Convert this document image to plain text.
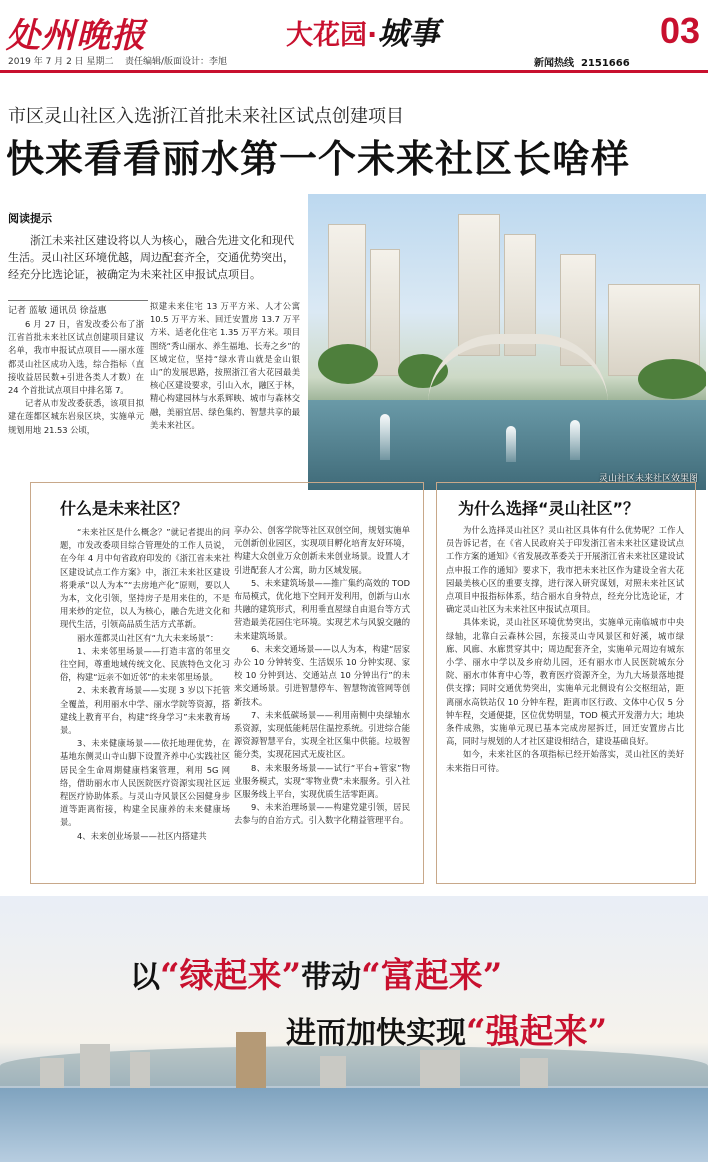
处州晚报	大花园·城事	03
2019 年 7 月 2 日 星期二 责任编辑/版面设计：李旭	新闻热线 2151666
市区灵山社区入选浙江首批未来社区试点创建项目
快来看看丽水第一个未来社区长啥样
灵山社区未来社区效果图
阅读提示
浙江未来社区建设将以人为核心，融合先进文化和现代生活。灵山社区环境优越，周边配套齐全，交通优势突出，经充分比选论证，被确定为未来社区申报试点项目。
记者 蓝敏 通讯员 徐益惠

6 月 27 日，省发改委公布了浙江省首批未来社区试点创建项目建议名单，我市申报试点项目——丽水莲都灵山社区成功入选，综合指标（直接收益居民数+引进各类人才数）在 24 个首批试点项目中排名第 7。

记者从市发改委获悉，该项目拟建在莲都区城东岩泉区块，实施单元规划用地 21.53 公顷，

拟建未来住宅 13 万平方米、人才公寓 10.5 万平方米、回迁安置房 13.7 万平方米、适老化住宅 1.35 万平方米。项目围绕“秀山丽水、养生福地、长寿之乡”的区域定位，坚持“绿水青山就是金山银山”的发展思路，按照浙江省大花园最美核心区建设要求，引山入水，融区于林，精心构建园林与水系辉映、城市与森林交融，美丽宜居、绿色集约、智慧共享的最美未来社区。

什么是未来社区？	为什么选择“灵山社区”？

“未来社区是什么概念？”就记者提出的问题，市发改委项目综合管理处的工作人员说，在今年 4 月中旬省政府印发的《浙江省未来社区建设试点工作方案》中，浙江未来社区建设将秉承“以人为本”“去房地产化”原则，要以人为本，文化引领，坚持房子是用来住的，不是用来炒的定位，以人为核心，融合先进文化和现代生活，引领高品质生活方式革新。

丽水莲都灵山社区有“九大未来场景”：

1、未来邻里场景——打造丰富的邻里交往空间，尊重地域传统文化、民族特色文化习俗，构建“远亲不如近邻”的未来邻里场景。

2、未来教育场景——实现 3 岁以下托管全覆盖，利用丽水中学、丽水学院等资源，搭建线上教育平台，构建“终身学习”未来教育场景。

3、未来健康场景——依托地理优势，在基地东侧灵山寺山脚下设置齐养中心实践社区居民全生命周期健康档案管理，利用 5G 网络，借助丽水市人民医院医疗资源实现社区远程医疗协助体系。与灵山寺风景区公园健身步道等距离衔接，构建全民康养的未来健康场景。

4、未来创业场景——社区内搭建共

享办公、创客学院等社区双创空间，规划实施单元创新创业园区，实现项目孵化培育友好环境，构建大众创业万众创新未来创业场景。设置人才引进配套人才公寓，助力区域发展。

5、未来建筑场景——推广集约高效的 TOD 布局模式，优化地下空间开发利用，创新与山水共融的建筑形式，利用垂直屋绿自由退台等方式营造最美花园住宅环境。实现艺术与风貌交融的未来建筑场景。

6、未来交通场景——以人为本，构建“居家办公 10 分钟转变、生活娱乐 10 分钟实现、家校 10 分钟到达、交通站点 10 分钟出行”的未来交通场景。引进智慧停车、智慧物流管网等创新技术。

7、未来低碳场景——利用南侧中央绿轴水系资源，实现低能耗居住温控系统。引进综合能源资源智慧平台，实现全社区集中供能。垃圾智能分类，实现花园式无废社区。

8、未来服务场景——试行“平台+管家”物业服务模式，实现“零物业费”未来服务。引入社区服务线上平台，实现优质生活零距离。

9、未来治理场景——构建党建引领，居民去参与的自治方式。引入数字化精益管理平台。

为什么选择灵山社区？灵山社区具体有什么优势呢？工作人员告诉记者，在《省人民政府关于印发浙江省未来社区建设试点工作方案的通知》《省发展改革委关于开展浙江省未来社区建设试点申报工作的通知》要求下，我市把未来社区作为建设全省大花园最美核心区的重要支撑，进行深入研究谋划，对照未来社区试点项目申报指标体系，结合丽水自身特点，经充分比选论证，才确定灵山社区为未来社区申报试点项目。

具体来说，灵山社区环境优势突出，实施单元南临城市中央绿轴，北靠白云森林公园，东接灵山寺风景区和好溪，城市绿廊、风廊、水廊贯穿其中；周边配套齐全，实施单元周边有城东小学、丽水中学以及乡府幼儿园，还有丽水市人民医院城东分院、丽水市体育中心等，教育医疗资源齐全，为九大场景落地提供支撑；同时交通优势突出，实施单元北侧设有公交枢纽站，距离丽水高铁站仅 10 分钟车程，距离市区行政、文体中心仅 5 分钟车程，交通便捷，区位优势明显，TOD 模式开发潜力大；地块条件成熟，实施单元现已基本完成房屋拆迁，回迁安置房占比高，同时与规划的人才社区建设相结合，建设基础良好。

如今，未来社区的各项指标已经开始落实，灵山社区的美好未来指日可待。

以“绿起来”带动“富起来”
进而加快实现“强起来”
